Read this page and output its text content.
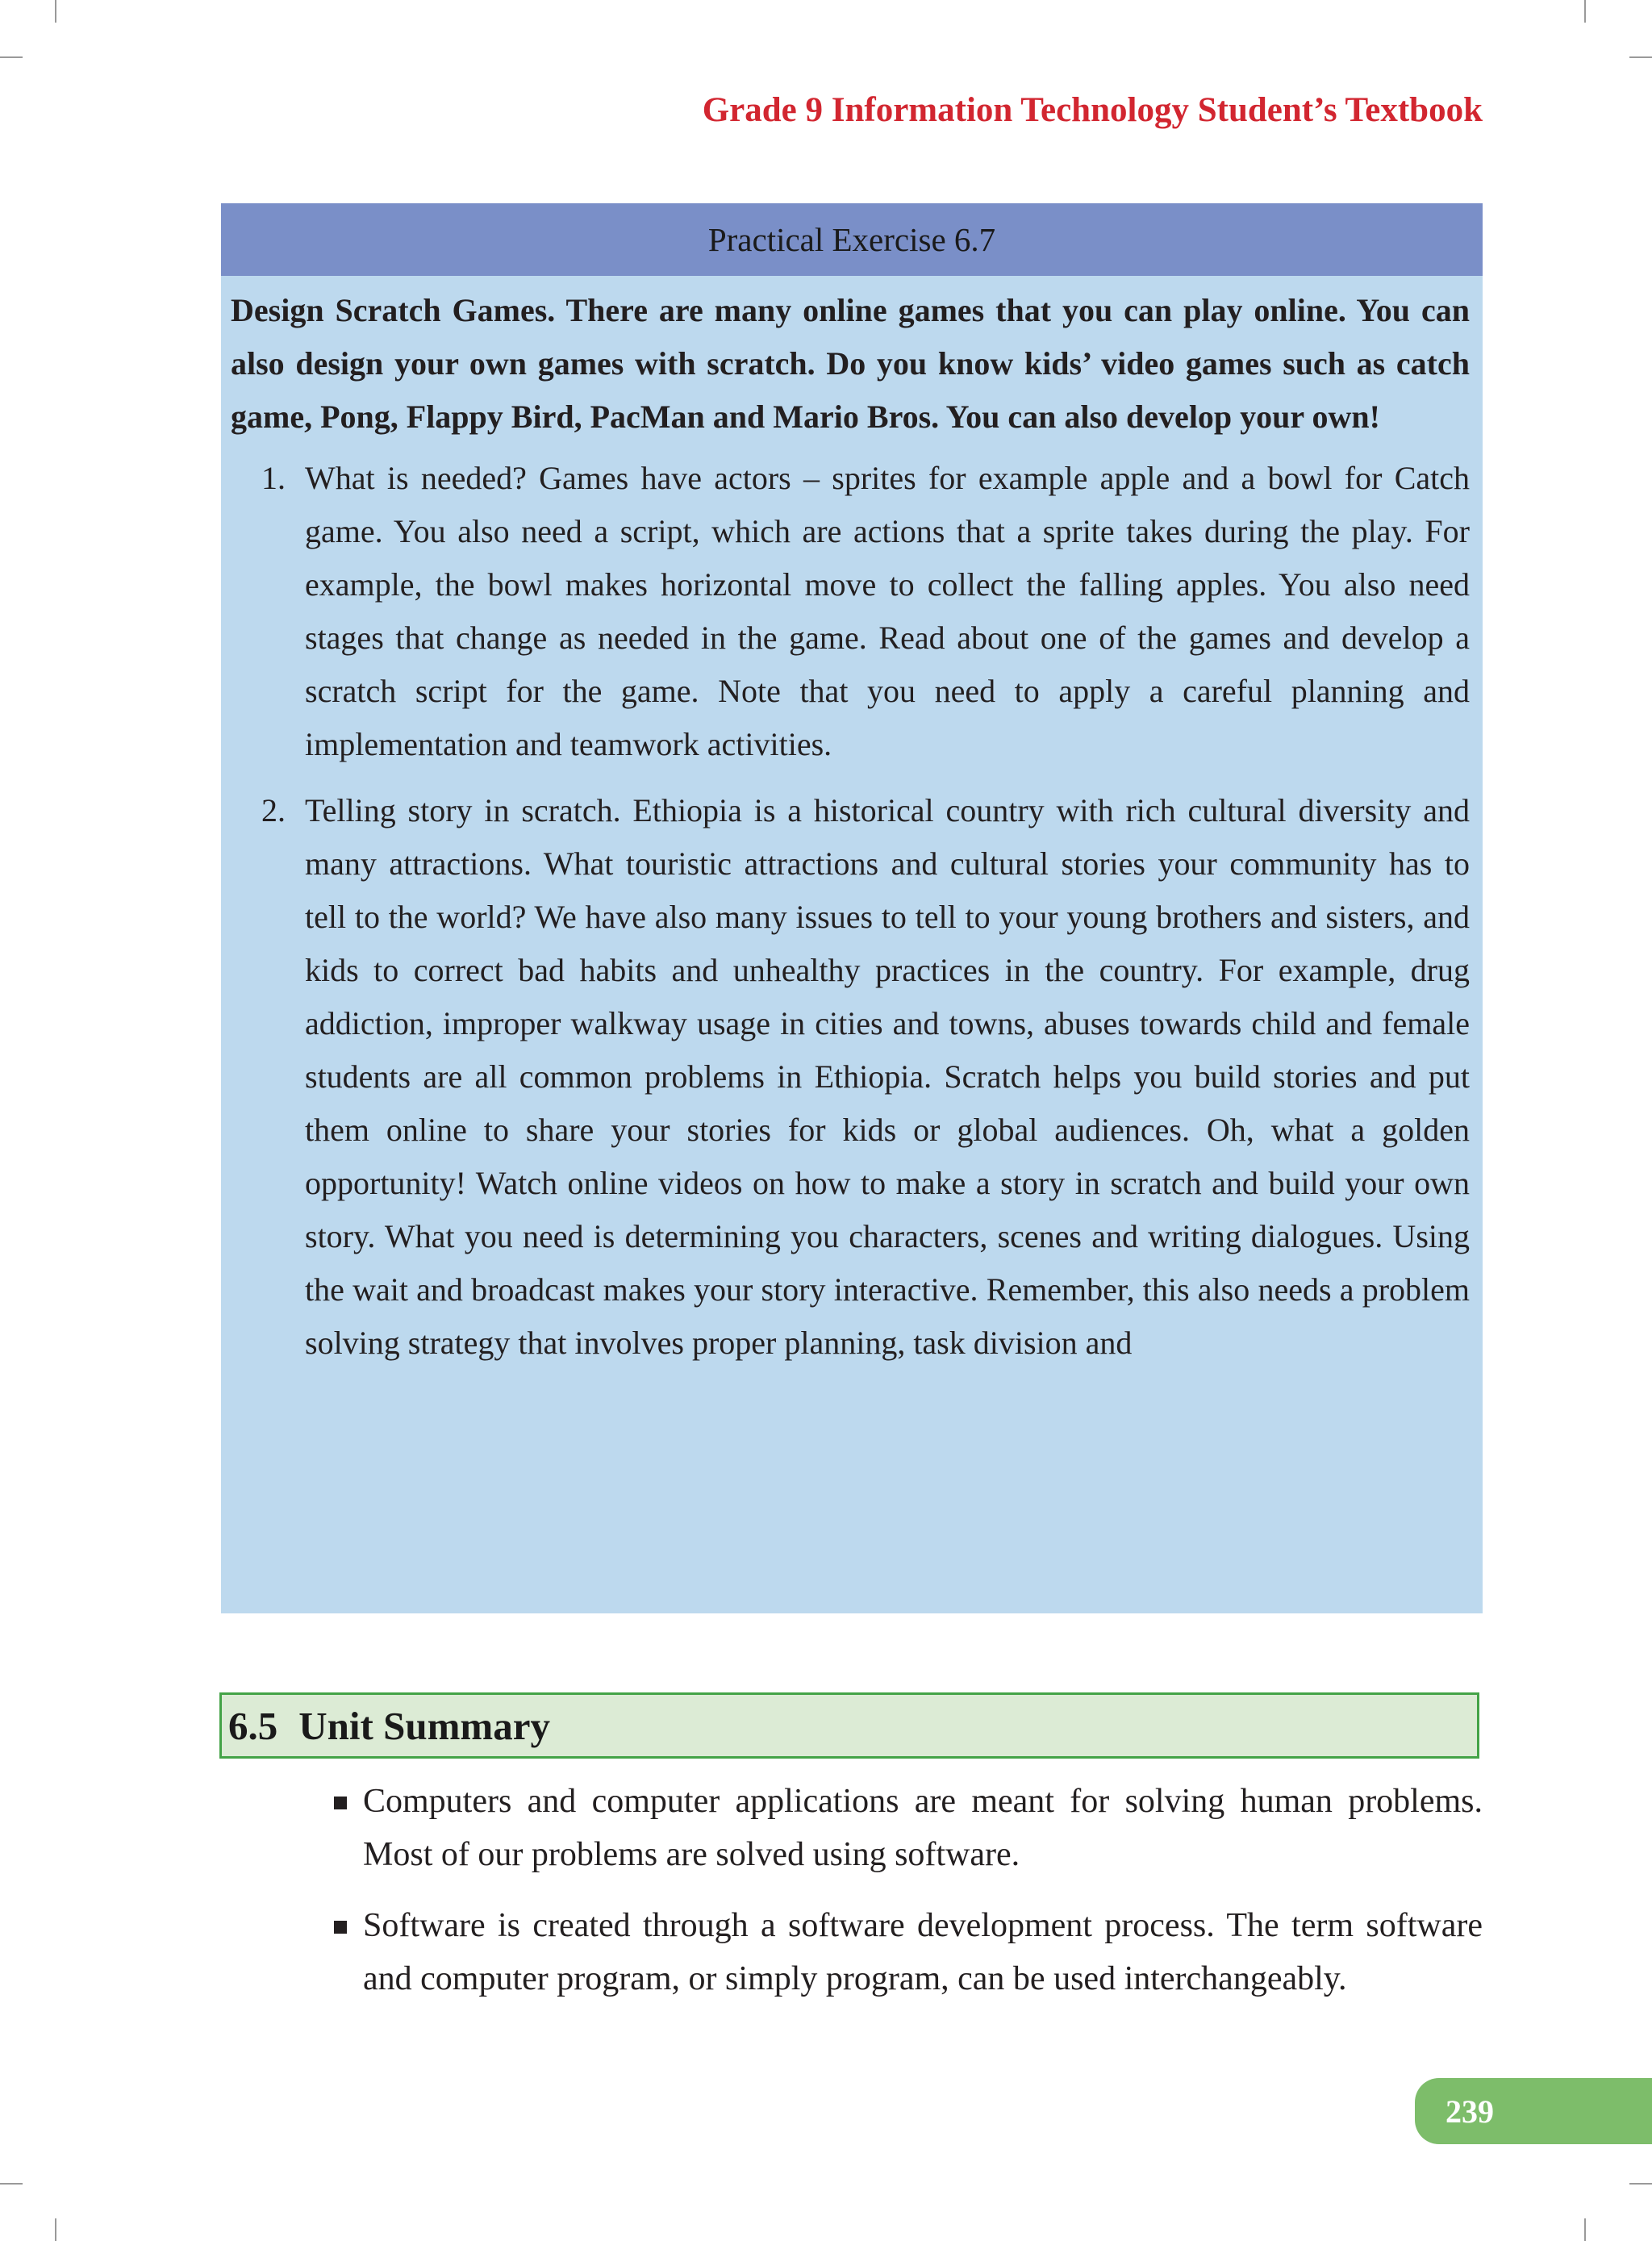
Grade 9 Information Technology Student’s Textbook
Practical Exercise 6.7

Design Scratch Games. There are many online games that you can play online. You can also design your own games with scratch. Do you know kids’ video games such as catch game, Pong, Flappy Bird, PacMan and Mario Bros. You can also develop your own!

1. What is needed? Games have actors – sprites for example apple and a bowl for Catch game. You also need a script, which are actions that a sprite takes during the play. For example, the bowl makes horizontal move to collect the falling apples. You also need stages that change as needed in the game. Read about one of the games and develop a scratch script for the game. Note that you need to apply a careful planning and implementation and teamwork activities.
2. Telling story in scratch. Ethiopia is a historical country with rich cultural diversity and many attractions. What touristic attractions and cultural stories your community has to tell to the world? We have also many issues to tell to your young brothers and sisters, and kids to correct bad habits and unhealthy practices in the country. For example, drug addiction, improper walkway usage in cities and towns, abuses towards child and female students are all common problems in Ethiopia. Scratch helps you build stories and put them online to share your stories for kids or global audiences. Oh, what a golden opportunity! Watch online videos on how to make a story in scratch and build your own story. What you need is determining you characters, scenes and writing dialogues. Using the wait and broadcast makes your story interactive. Remember, this also needs a problem solving strategy that involves proper planning, task division and
6.5 Unit Summary
Computers and computer applications are meant for solving human problems. Most of our problems are solved using software.
Software is created through a software development process. The term software and computer program, or simply program, can be used interchangeably.
239
